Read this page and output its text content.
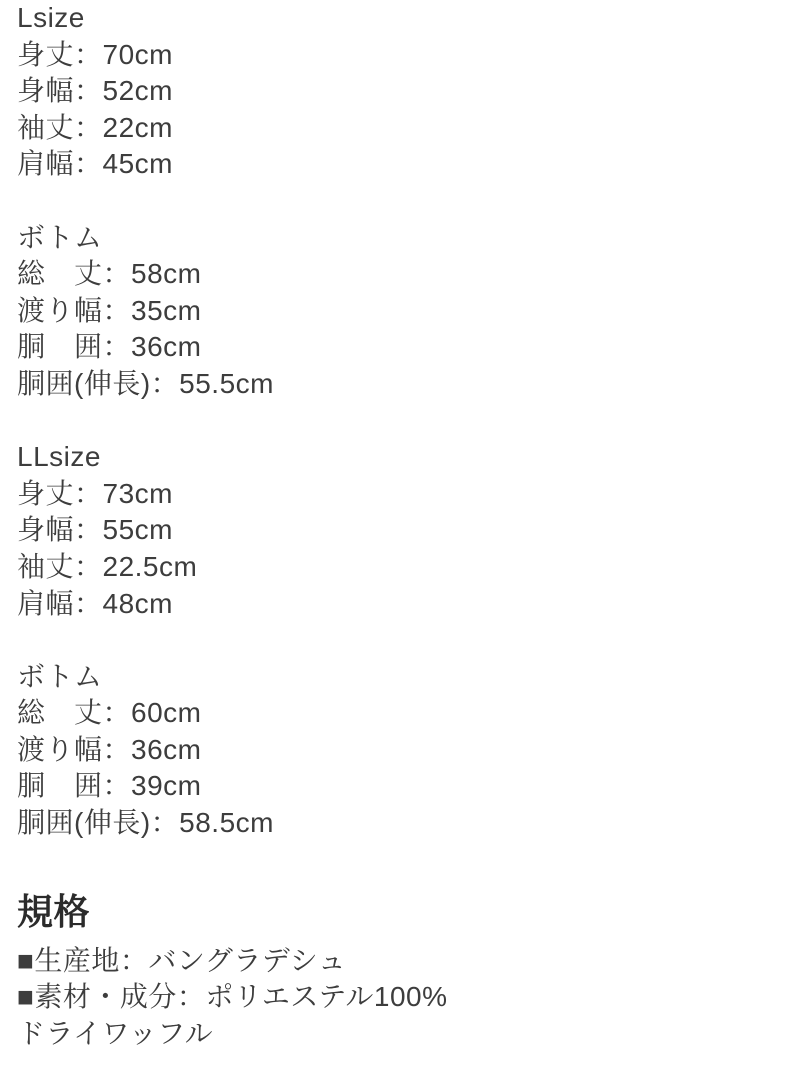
Lsize
身丈：70cm
身幅：52cm
袖丈：22cm
肩幅：45cm
ボトム
総　丈：58cm
渡り幅：35cm
胴　囲：36cm
胴囲(伸長)：55.5cm
LLsize
身丈：73cm
身幅：55cm
袖丈：22.5cm
肩幅：48cm
ボトム
総　丈：60cm
渡り幅：36cm
胴　囲：39cm
胴囲(伸長)：58.5cm
規格
■生産地：バングラデシュ
■素材・成分：ポリエステル100%
ドライワッフル
